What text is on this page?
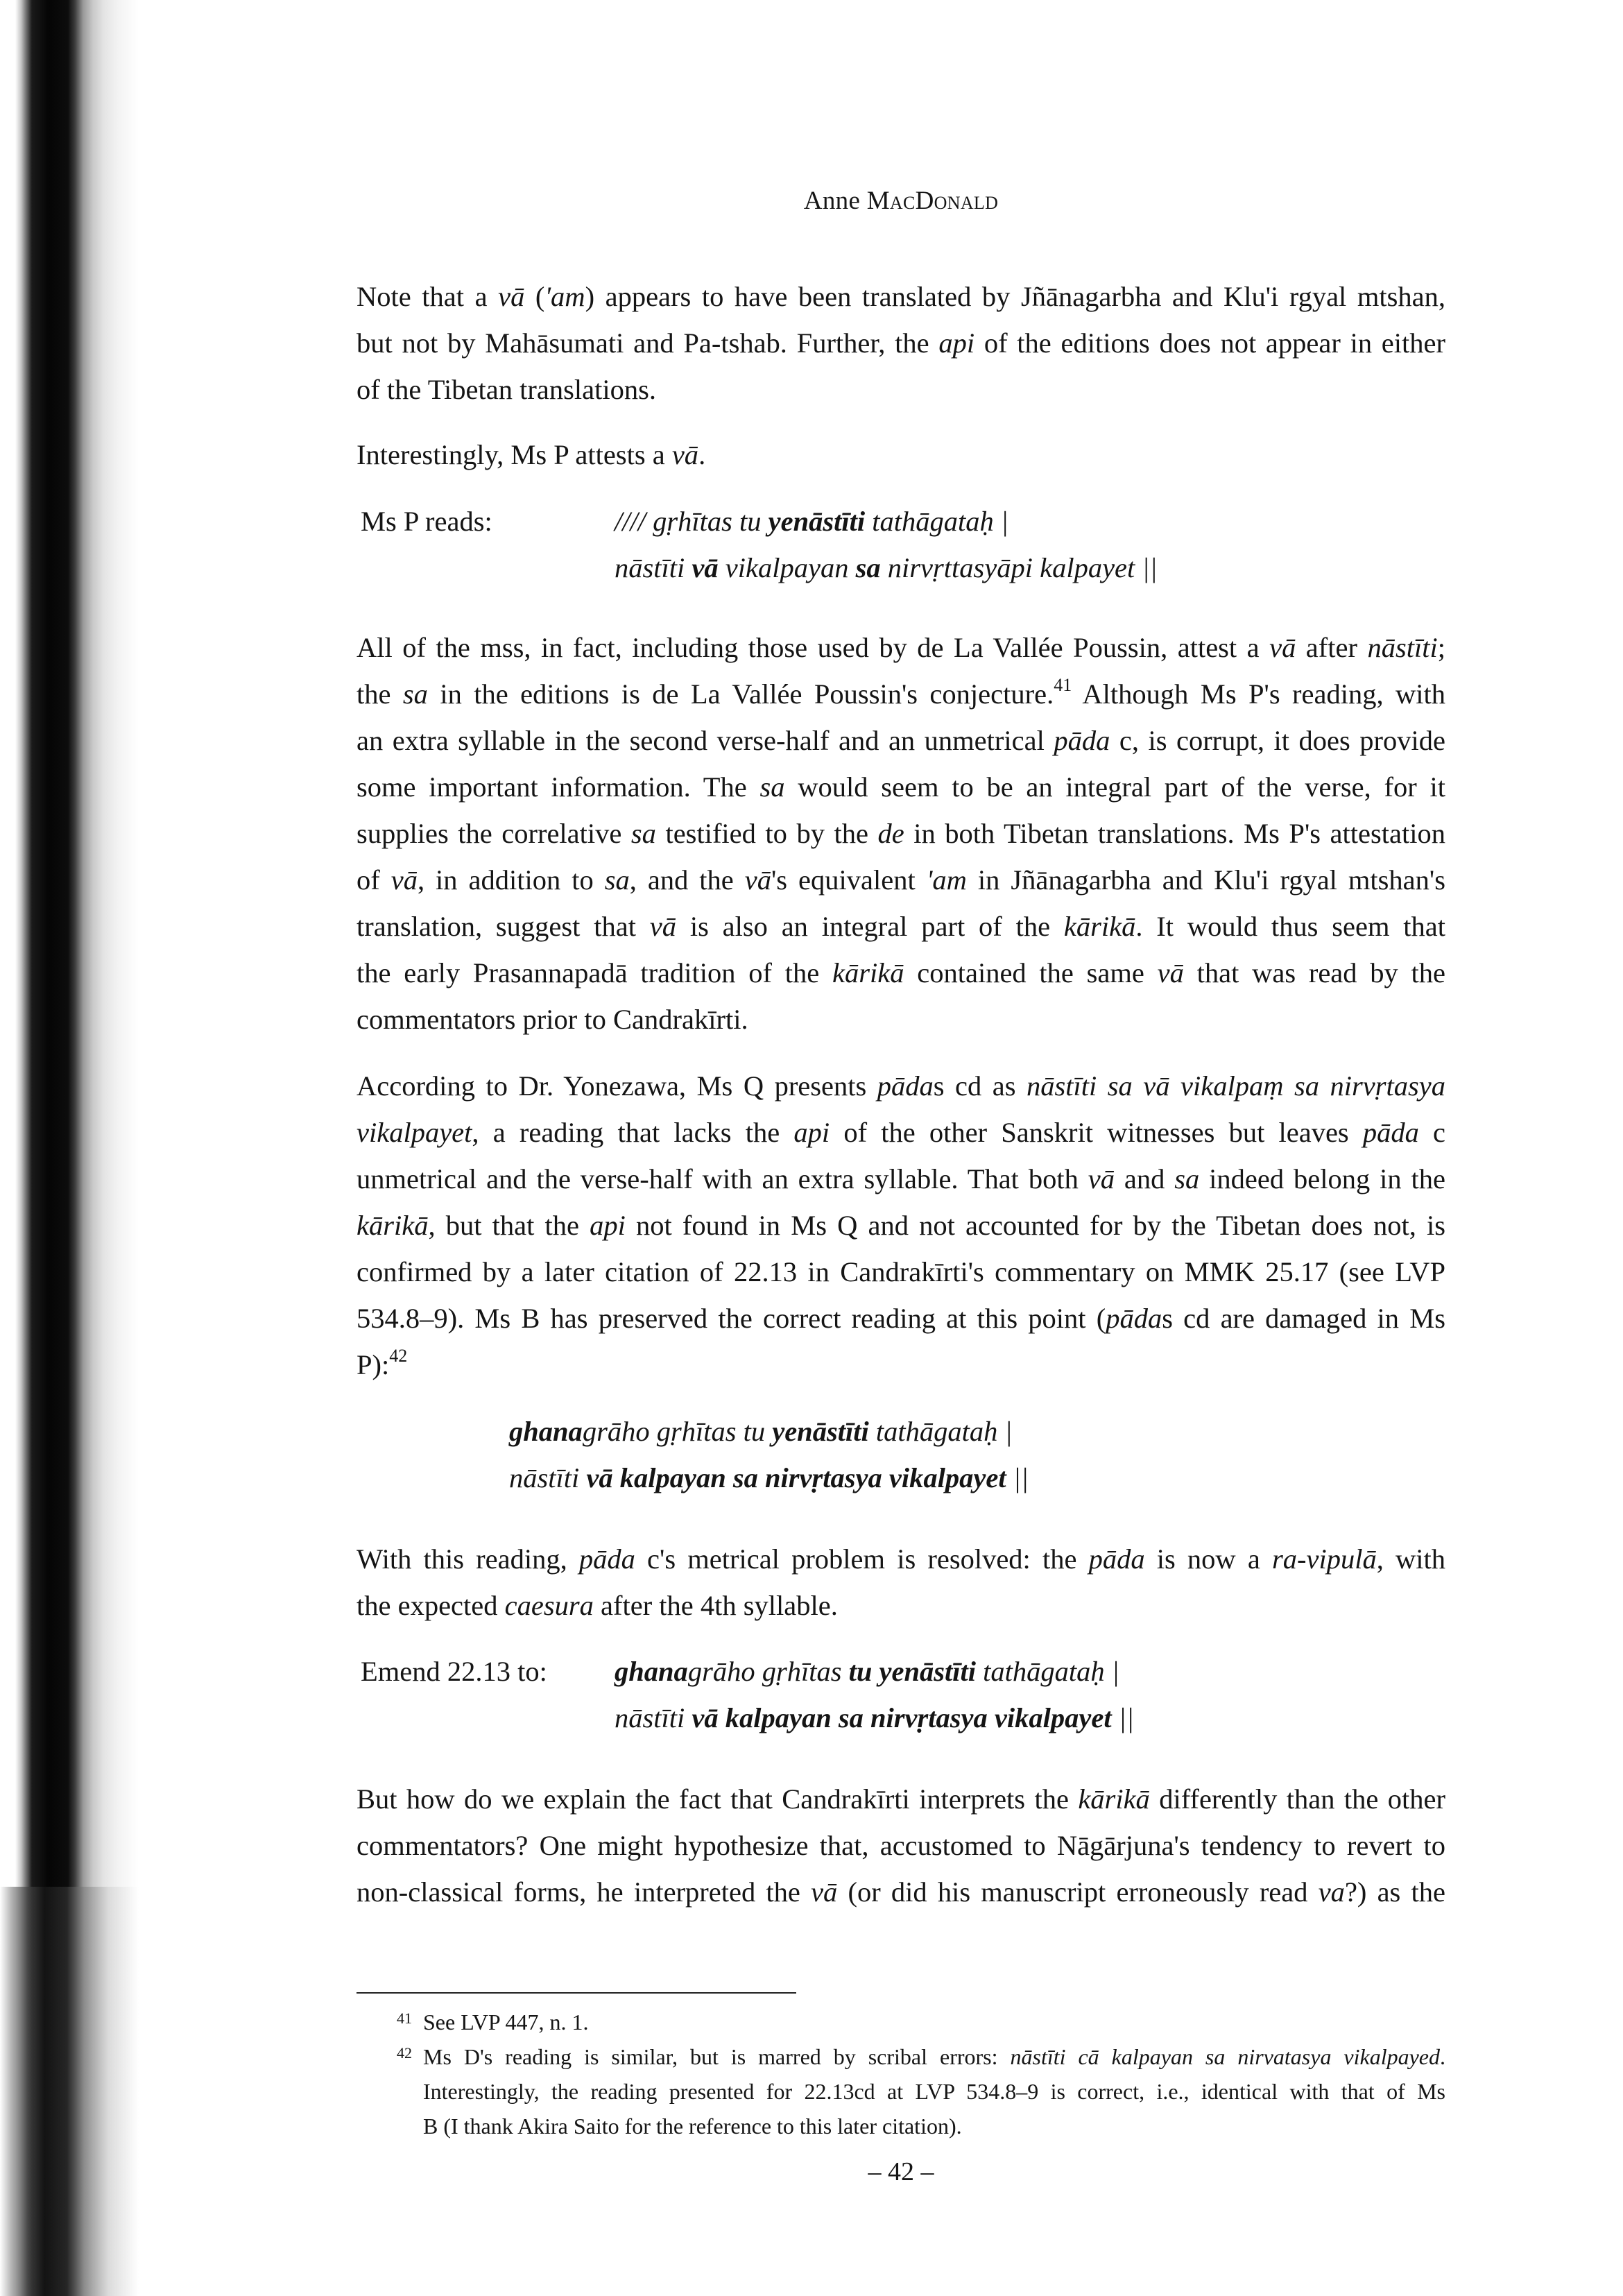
Anne MacDonald
Note that a vā ('am) appears to have been translated by Jñānagarbha and Klu'i rgyal mtshan,
but not by Mahāsumati and Pa-tshab. Further, the api of the editions does not appear in either
of the Tibetan translations.
Interestingly, Ms P attests a vā.
Ms P reads:	//// gṛhītas tu yenāstīti tathāgataḥ |
nāstīti vā vikalpayan sa nirvṛttasyāpi kalpayet ||
All of the mss, in fact, including those used by de La Vallée Poussin, attest a vā after nāstīti;
the sa in the editions is de La Vallée Poussin's conjecture.$^{41}$ Although Ms P's reading, with
an extra syllable in the second verse-half and an unmetrical pāda c, is corrupt, it does provide
some important information. The sa would seem to be an integral part of the verse, for it
supplies the correlative sa testified to by the de in both Tibetan translations. Ms P's attestation
of vā, in addition to sa, and the vā's equivalent 'am in Jñānagarbha and Klu'i rgyal mtshan's
translation, suggest that vā is also an integral part of the kārikā. It would thus seem that
the early Prasannapadā tradition of the kārikā contained the same vā that was read by the
commentators prior to Candrakīrti.
According to Dr. Yonezawa, Ms Q presents pādas cd as nāstīti sa vā vikalpaṃ sa nirvṛtasya
vikalpayet, a reading that lacks the api of the other Sanskrit witnesses but leaves pāda c
unmetrical and the verse-half with an extra syllable. That both vā and sa indeed belong in the
kārikā, but that the api not found in Ms Q and not accounted for by the Tibetan does not, is
confirmed by a later citation of 22.13 in Candrakīrti's commentary on MMK 25.17 (see LVP
534.8–9). Ms B has preserved the correct reading at this point (pādas cd are damaged in Ms
P):$^{42}$
ghanagrāho gṛhītas tu yenāstīti tathāgataḥ |
nāstīti vā kalpayan sa nirvṛtasya vikalpayet ||
With this reading, pāda c's metrical problem is resolved: the pāda is now a ra-vipulā, with
the expected caesura after the 4th syllable.
Emend 22.13 to: ghanagrāho gṛhītas tu yenāstīti tathāgataḥ |
nāstīti vā kalpayan sa nirvṛtasya vikalpayet ||
But how do we explain the fact that Candrakīrti interprets the kārikā differently than the other
commentators? One might hypothesize that, accustomed to Nāgārjuna's tendency to revert to
non-classical forms, he interpreted the vā (or did his manuscript erroneously read va?) as the
– 42 –
41 See LVP 447, n. 1.
42 Ms D's reading is similar, but is marred by scribal errors: nāstīti cā kalpayan sa nirvatasya vikalpayed.
Interestingly, the reading presented for 22.13cd at LVP 534.8–9 is correct, i.e., identical with that of Ms
B (I thank Akira Saito for the reference to this later citation).
